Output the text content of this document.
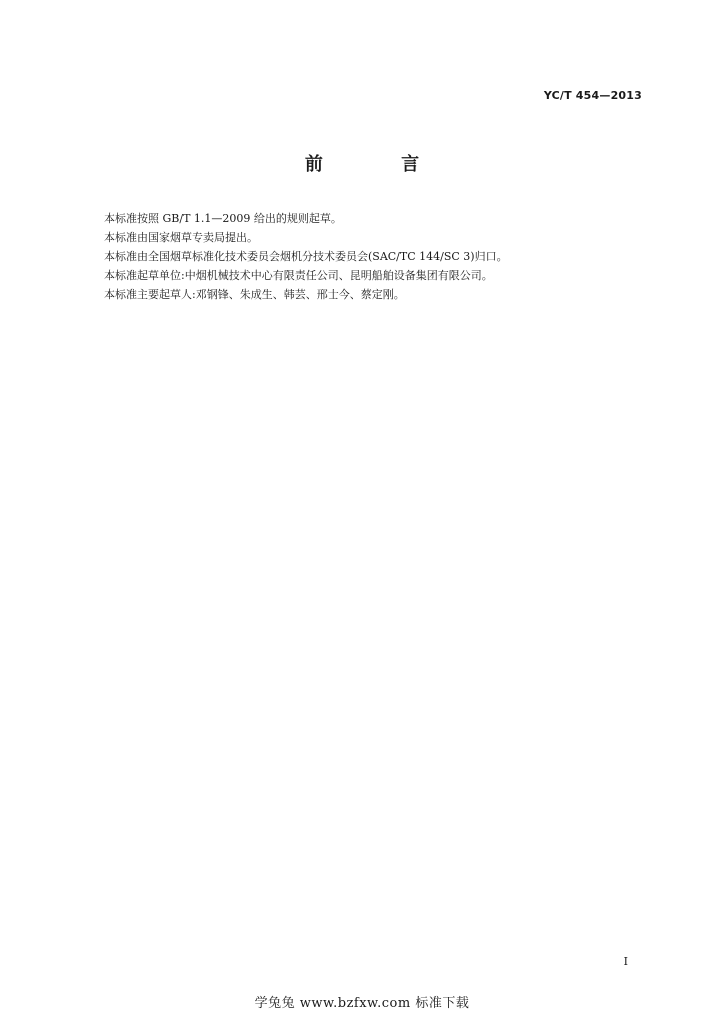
YC/T 454—2013
前 言

本标准按照 GB/T 1.1—2009 给出的规则起草。

本标准由国家烟草专卖局提出。

本标准由全国烟草标准化技术委员会烟机分技术委员会(SAC/TC 144/SC 3)归口。

本标准起草单位:中烟机械技术中心有限责任公司、昆明船舶设备集团有限公司。

本标准主要起草人:邓钢锋、朱成生、韩芸、邢士今、蔡定刚。

I
学兔兔 www.bzfxw.com 标准下载
